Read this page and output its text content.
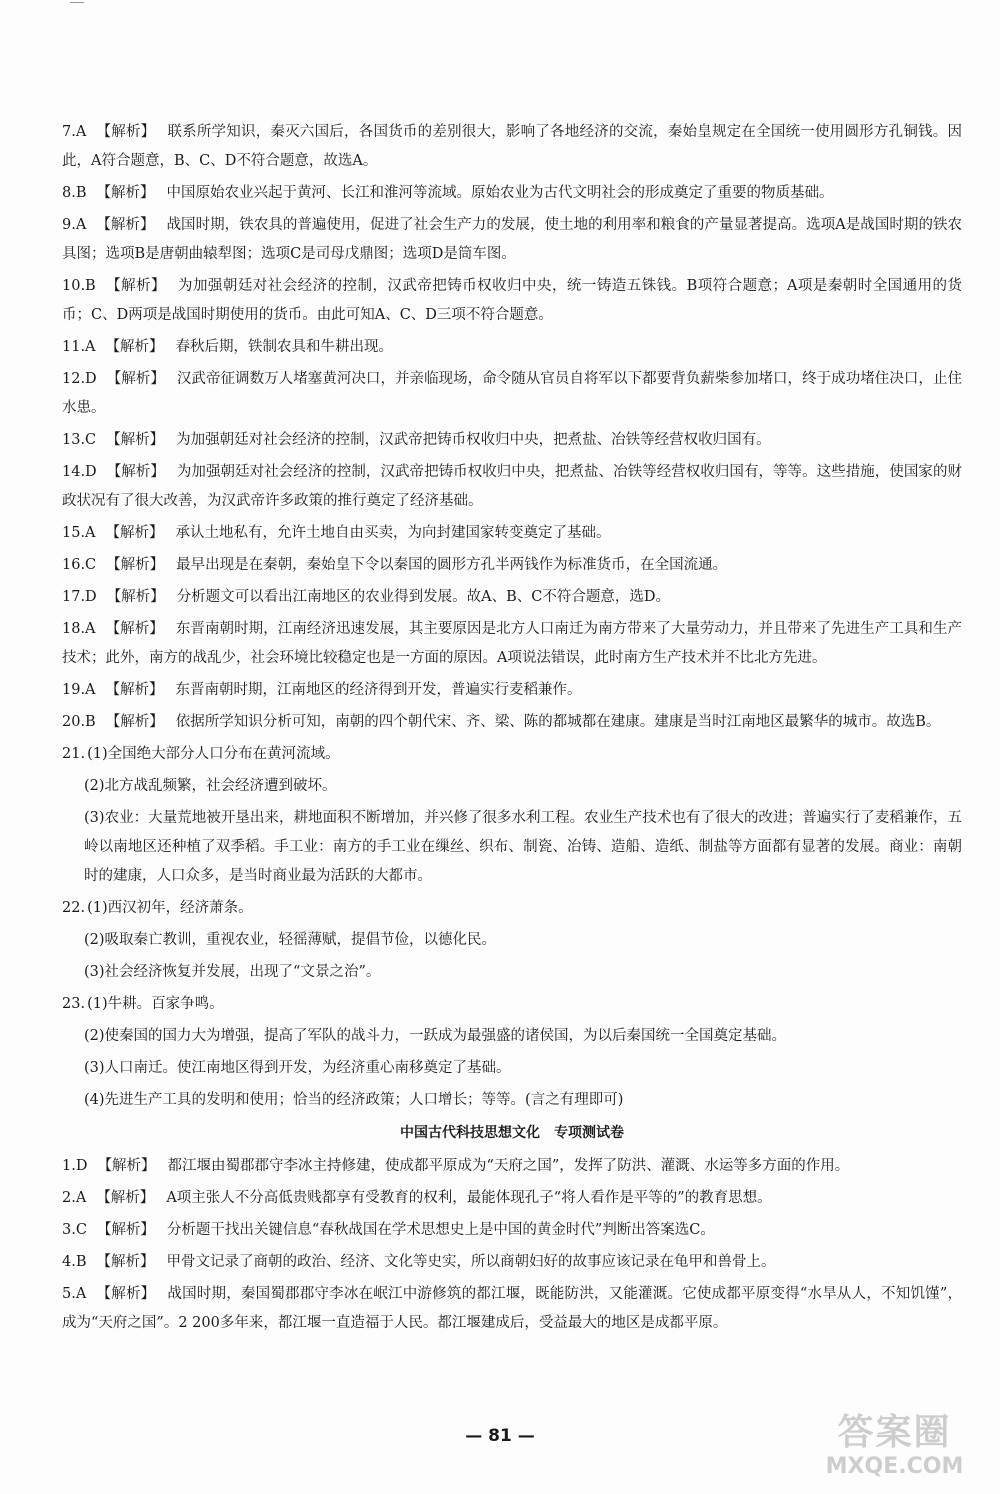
7.A 【解析】 联系所学知识，秦灭六国后，各国货币的差别很大，影响了各地经济的交流，秦始皇规定在全国统一使用圆形方孔铜钱。因此，A符合题意，B、C、D不符合题意，故选A。
8.B 【解析】 中国原始农业兴起于黄河、长江和淮河等流域。原始农业为古代文明社会的形成奠定了重要的物质基础。
9.A 【解析】 战国时期，铁农具的普遍使用，促进了社会生产力的发展，使土地的利用率和粮食的产量显著提高。选项A是战国时期的铁农具图；选项B是唐朝曲辕犁图；选项C是司母戊鼎图；选项D是筒车图。
10.B 【解析】 为加强朝廷对社会经济的控制，汉武帝把铸币权收归中央，统一铸造五铢钱。B项符合题意；A项是秦朝时全国通用的货币；C、D两项是战国时期使用的货币。由此可知A、C、D三项不符合题意。
11.A 【解析】 春秋后期，铁制农具和牛耕出现。
12.D 【解析】 汉武帝征调数万人堵塞黄河决口，并亲临现场，命令随从官员自将军以下都要背负薪柴参加堵口，终于成功堵住决口，止住水患。
13.C 【解析】 为加强朝廷对社会经济的控制，汉武帝把铸币权收归中央，把煮盐、冶铁等经营权收归国有。
14.D 【解析】 为加强朝廷对社会经济的控制，汉武帝把铸币权收归中央，把煮盐、冶铁等经营权收归国有，等等。这些措施，使国家的财政状况有了很大改善，为汉武帝许多政策的推行奠定了经济基础。
15.A 【解析】 承认土地私有，允许土地自由买卖，为向封建国家转变奠定了基础。
16.C 【解析】 最早出现是在秦朝，秦始皇下令以秦国的圆形方孔半两钱作为标准货币，在全国流通。
17.D 【解析】 分析题文可以看出江南地区的农业得到发展。故A、B、C不符合题意，选D。
18.A 【解析】 东晋南朝时期，江南经济迅速发展，其主要原因是北方人口南迁为南方带来了大量劳动力，并且带来了先进生产工具和生产技术；此外，南方的战乱少，社会环境比较稳定也是一方面的原因。A项说法错误，此时南方生产技术并不比北方先进。
19.A 【解析】 东晋南朝时期，江南地区的经济得到开发，普遍实行麦稻兼作。
20.B 【解析】 依据所学知识分析可知，南朝的四个朝代宋、齐、梁、陈的都城都在建康。建康是当时江南地区最繁华的城市。故选B。
21. (1)全国绝大部分人口分布在黄河流域。
(2)北方战乱频繁，社会经济遭到破坏。
(3)农业：大量荒地被开垦出来，耕地面积不断增加，并兴修了很多水利工程。农业生产技术也有了很大的改进；普遍实行了麦稻兼作，五岭以南地区还种植了双季稻。手工业：南方的手工业在缫丝、织布、制瓷、冶铸、造船、造纸、制盐等方面都有显著的发展。商业：南朝时的建康，人口众多，是当时商业最为活跃的大都市。
22. (1)西汉初年，经济萧条。
(2)吸取秦亡教训，重视农业，轻徭薄赋，提倡节俭，以德化民。
(3)社会经济恢复并发展，出现了“文景之治”。
23. (1)牛耕。百家争鸣。
(2)使秦国的国力大为增强，提高了军队的战斗力，一跃成为最强盛的诸侯国，为以后秦国统一全国奠定基础。
(3)人口南迁。使江南地区得到开发，为经济重心南移奠定了基础。
(4)先进生产工具的发明和使用；恰当的经济政策；人口增长；等等。(言之有理即可)
中国古代科技思想文化　专项测试卷
1.D 【解析】 都江堰由蜀郡郡守李冰主持修建，使成都平原成为“天府之国”，发挥了防洪、灌溉、水运等多方面的作用。
2.A 【解析】 A项主张人不分高低贵贱都享有受教育的权利，最能体现孔子“将人看作是平等的”的教育思想。
3.C 【解析】 分析题干找出关键信息“春秋战国在学术思想史上是中国的黄金时代”判断出答案选C。
4.B 【解析】 甲骨文记录了商朝的政治、经济、文化等史实，所以商朝妇好的故事应该记录在龟甲和兽骨上。
5.A 【解析】 战国时期，秦国蜀郡郡守李冰在岷江中游修筑的都江堰，既能防洪，又能灌溉。它使成都平原变得“水旱从人，不知饥馑”，成为“天府之国”。2 200多年来，都江堰一直造福于人民。都江堰建成后，受益最大的地区是成都平原。
— 81 —	答案圈
MXQE.COM
